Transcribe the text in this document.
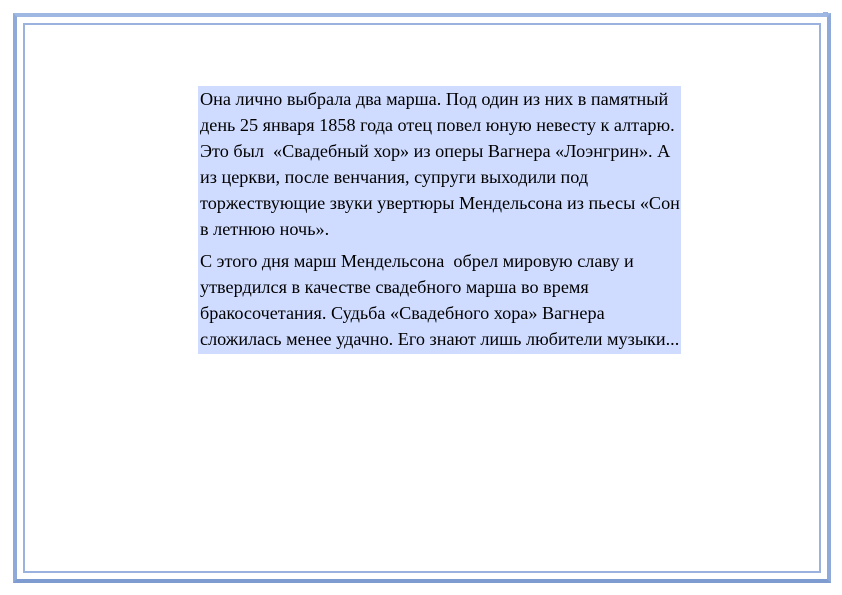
Она лично выбрала два марша. Под один из них в памятный день 25 января 1858 года отец повел юную невесту к алтарю. Это был  «Свадебный хор» из оперы Вагнера «Лоэнгрин». А из церкви, после венчания, супруги выходили под торжествующие звуки увертюры Мендельсона из пьесы «Сон в летнюю ночь».

С этого дня марш Мендельсона  обрел мировую славу и утвердился в качестве свадебного марша во время бракосочетания. Судьба «Свадебного хора» Вагнера сложилась менее удачно. Его знают лишь любители музыки...
